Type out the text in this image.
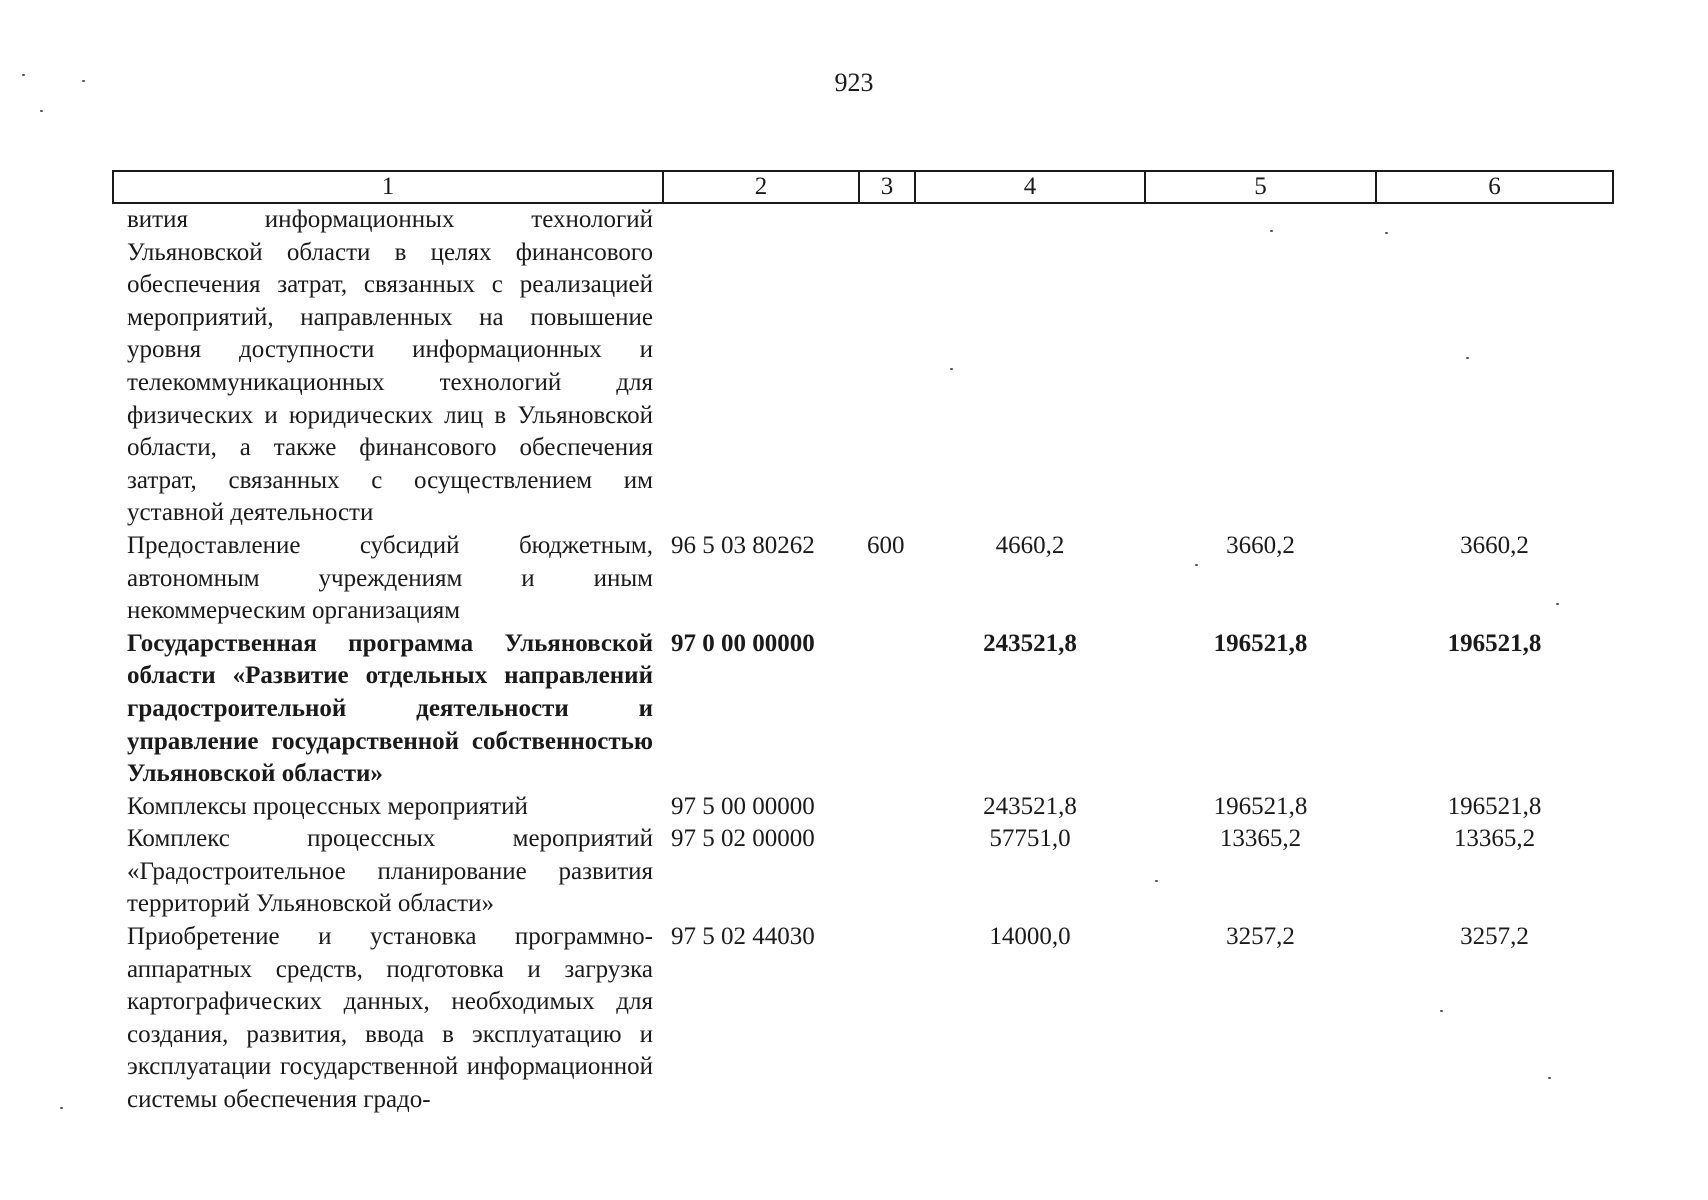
923
1	2	3	4	5	6
вития информационных технологий Ульяновской области в целях финансового обеспечения затрат, связанных с реализацией мероприятий, направленных на повышение уровня доступности информационных и телекоммуникационных технологий для физических и юридических лиц в Ульяновской области, а также финансового обеспечения затрат, связанных с осуществлением им уставной деятельности					
Предоставление субсидий бюджетным, автономным учреждениям и иным некоммерческим организациям	96 5 03 80262	600	4660,2	3660,2	3660,2
Государственная программа Ульяновской области «Развитие отдельных направлений градостроительной деятельности и управление государственной собственностью Ульяновской области»	97 0 00 00000		243521,8	196521,8	196521,8
Комплексы процессных мероприятий	97 5 00 00000		243521,8	196521,8	196521,8
Комплекс процессных мероприятий «Градостроительное планирование развития территорий Ульяновской области»	97 5 02 00000		57751,0	13365,2	13365,2
Приобретение и установка программно-аппаратных средств, подготовка и загрузка картографических данных, необходимых для создания, развития, ввода в эксплуатацию и эксплуатации государственной информационной системы обеспечения градо-	97 5 02 44030		14000,0	3257,2	3257,2
